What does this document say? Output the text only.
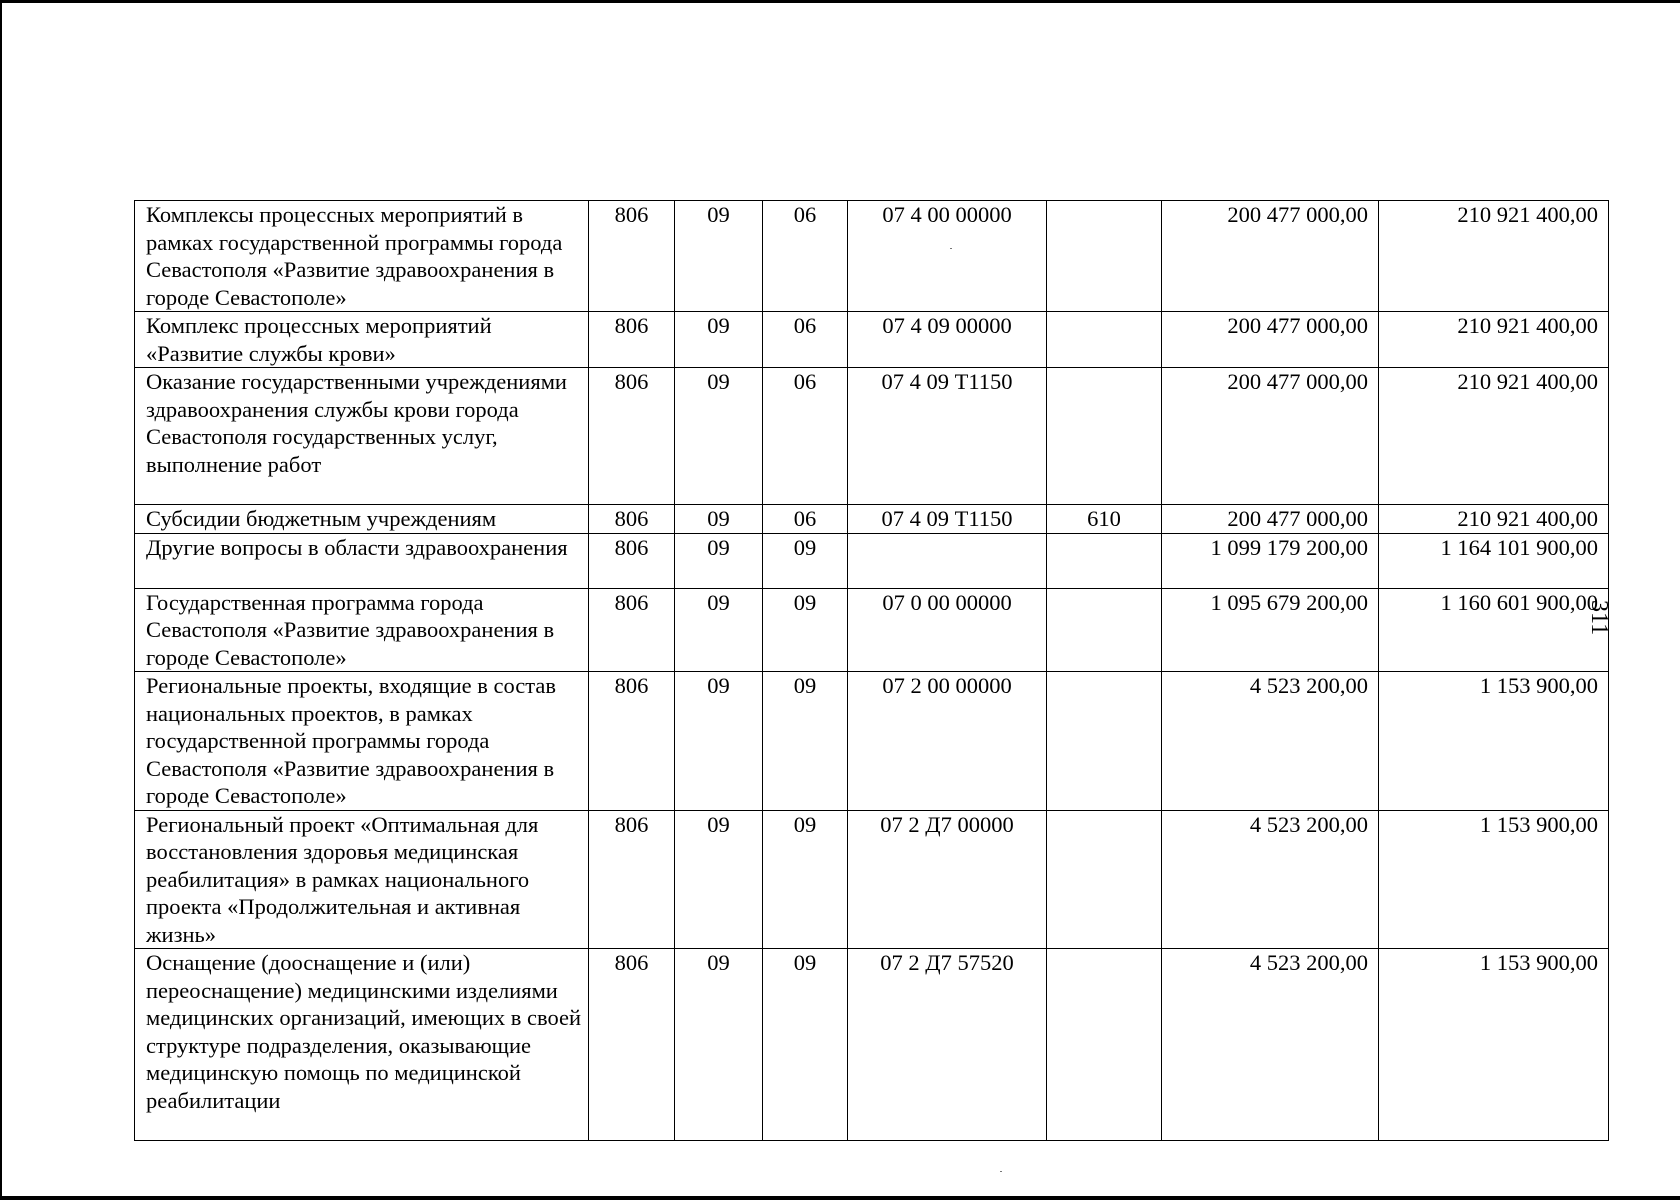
Комплексы процессных мероприятий в рамках государственной программы города Севастополя «Развитие здравоохранения в городе Севастополе»	806	09	06	07 4 00 00000		200 477 000,00	210 921 400,00
Комплекс процессных мероприятий «Развитие службы крови»	806	09	06	07 4 09 00000		200 477 000,00	210 921 400,00
Оказание государственными учреждениями здравоохранения службы крови города Севастополя государственных услуг, выполнение работ	806	09	06	07 4 09 Т1150		200 477 000,00	210 921 400,00
Субсидии бюджетным учреждениям	806	09	06	07 4 09 Т1150	610	200 477 000,00	210 921 400,00
Другие вопросы в области здравоохранения	806	09	09			1 099 179 200,00	1 164 101 900,00
Государственная программа города Севастополя «Развитие здравоохранения в городе Севастополе»	806	09	09	07 0 00 00000		1 095 679 200,00	1 160 601 900,00
Региональные проекты, входящие в состав национальных проектов, в рамках государственной программы города Севастополя «Развитие здравоохранения в городе Севастополе»	806	09	09	07 2 00 00000		4 523 200,00	1 153 900,00
Региональный проект «Оптимальная для восстановления здоровья медицинская реабилитация» в рамках национального проекта «Продолжительная и активная жизнь»	806	09	09	07 2 Д7 00000		4 523 200,00	1 153 900,00
Оснащение (дооснащение и (или) переоснащение) медицинскими изделиями медицинских организаций, имеющих в своей структуре подразделения, оказывающие медицинскую помощь по медицинской реабилитации	806	09	09	07 2 Д7 57520		4 523 200,00	1 153 900,00
311
